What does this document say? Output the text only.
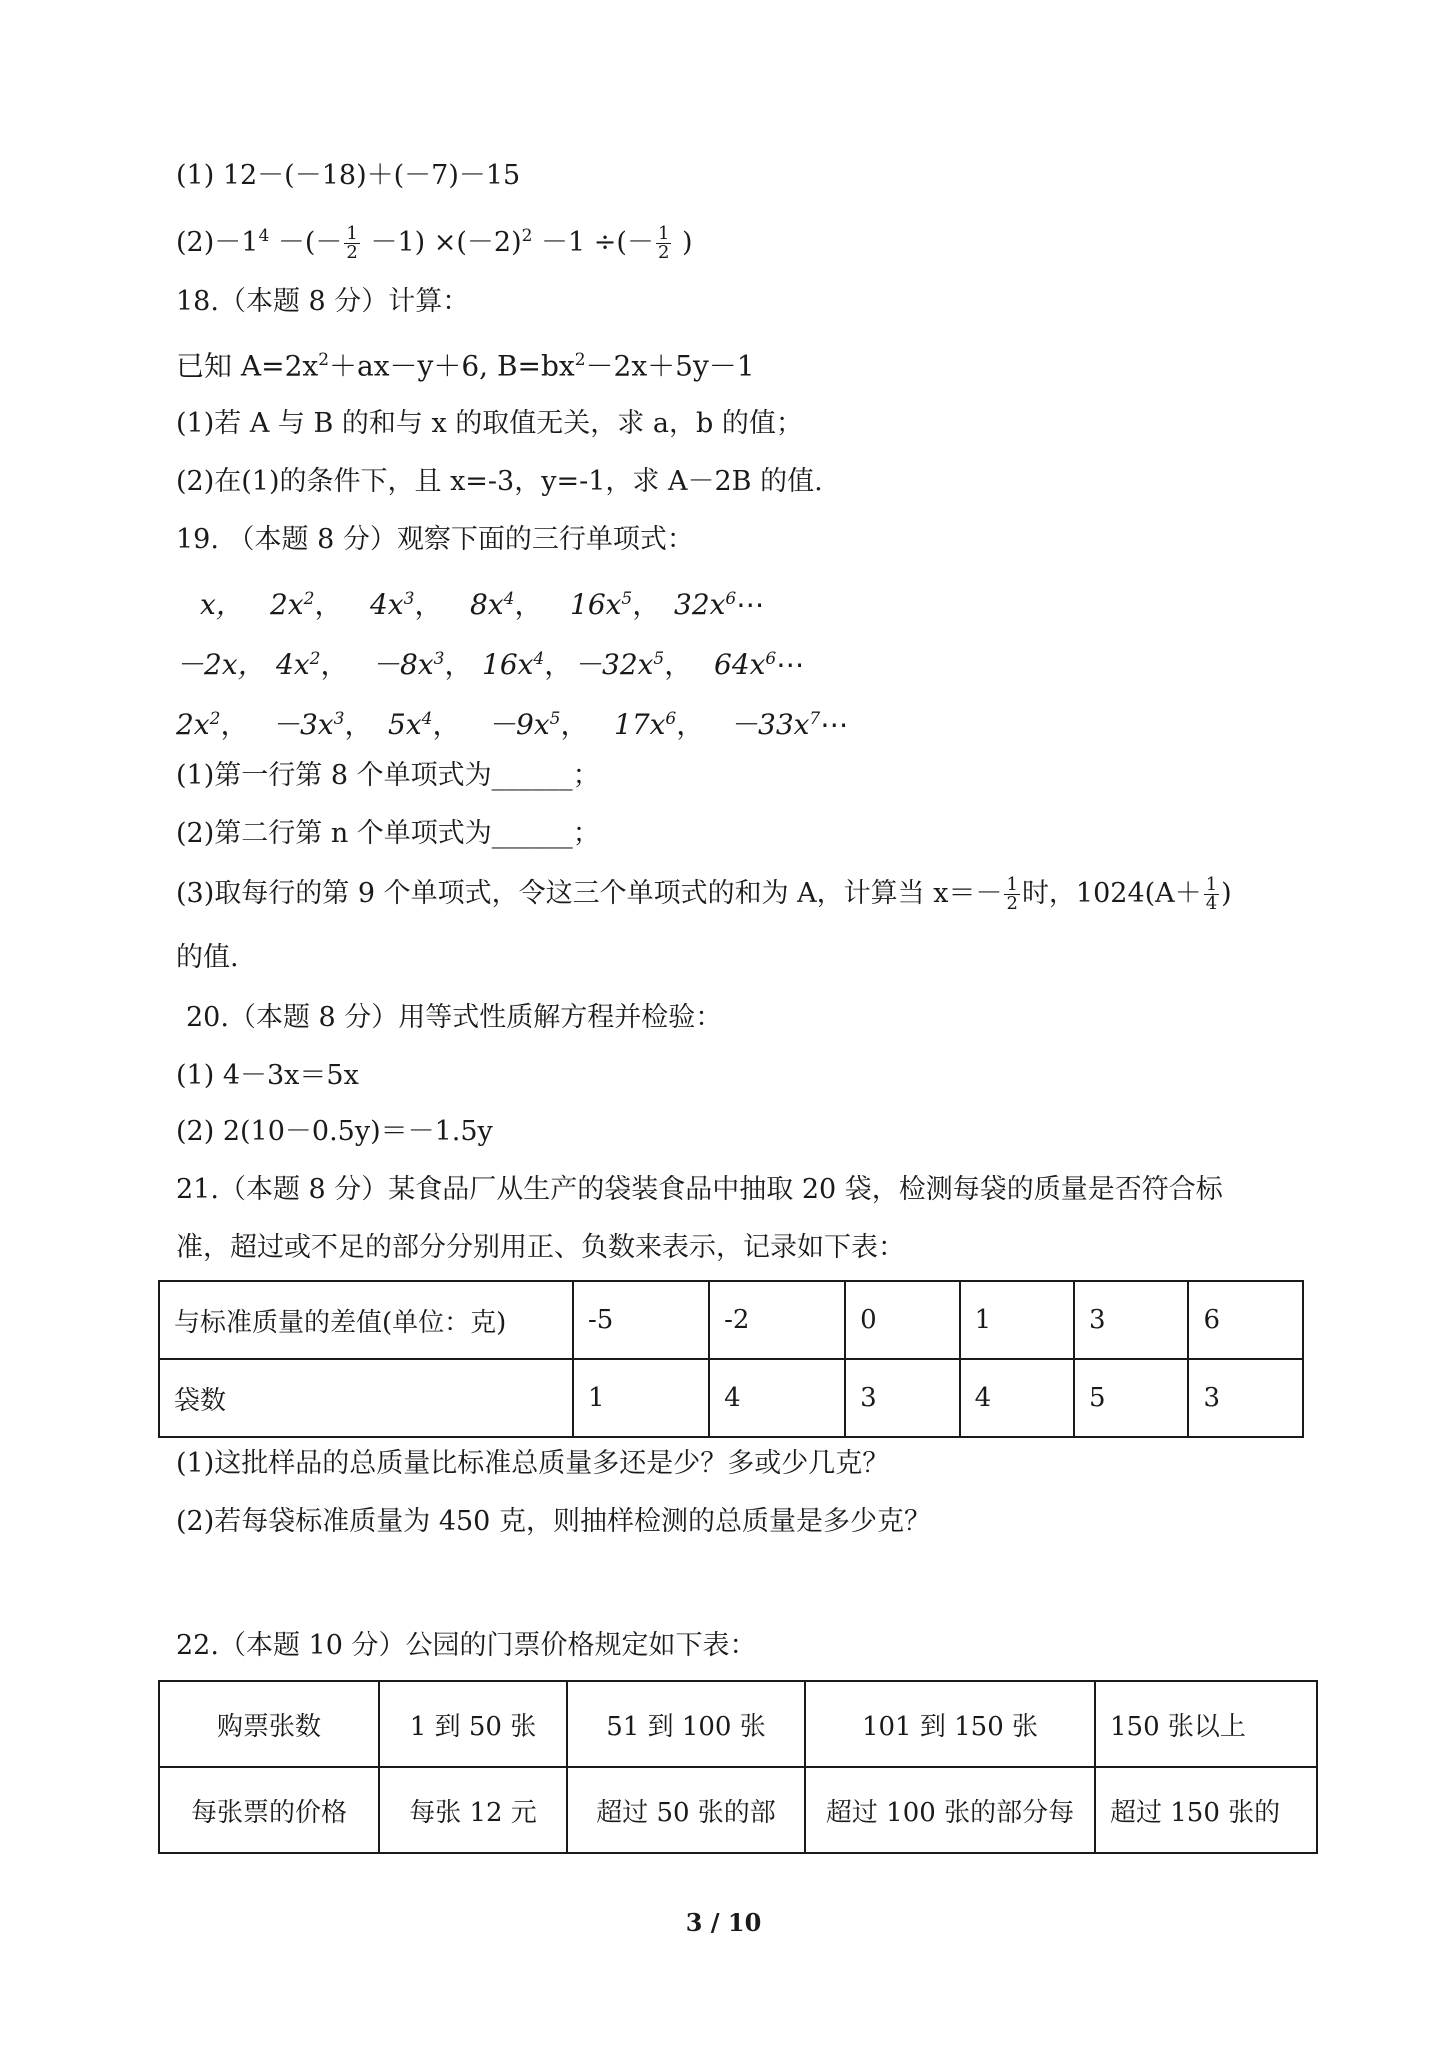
(1) 12－(－18)＋(－7)－15
$(2)-1^4$ －(－ $\frac{1}{2} -1) \times(-2)^2 -1$ ÷(－ $\frac{1}{2}$ )
18.（本题 8 分）计算：
已知 $A=2x^2+ax-y+6$, $B=bx^2-2x+5y-1$
(1)若 A 与 B 的和与 x 的取值无关，求 a，b 的值；
(2)在(1)的条件下，且 x=-3，y=-1，求 A－2B 的值.
19. （本题 8 分）观察下面的三行单项式：
x， $2x^2$， $4x^3$， $8x^4$， $16x^5$， $32x^6\cdots$
－2x， $4x^2$， $-8x^3$， $16x^4$， $-32x^5$， $64x^6\cdots$
$2x^2$， $-3x^3$， $5x^4$， $-9x^5$， $17x^6$， $-33x^7\cdots$
(1)第一行第 8 个单项式为______；
(2)第二行第 n 个单项式为______；
(3)取每行的第 9 个单项式，令这三个单项式的和为 A，计算当 $x=- \frac{1}{2}$ 时，$1024(A+ \frac{1}{4}$ )
的值.
20.（本题 8 分）用等式性质解方程并检验：
(1) 4－3x＝5x
(2) 2(10－0.5y)＝－1.5y
21.（本题 8 分）某食品厂从生产的袋装食品中抽取 20 袋，检测每袋的质量是否符合标
准，超过或不足的部分分别用正、负数来表示，记录如下表：
与标准质量的差值(单位：克)	-5	-2	0	1	3	6
袋数	1	4	3	4	5	3
(1)这批样品的总质量比标准总质量多还是少？多或少几克？
(2)若每袋标准质量为 450 克，则抽样检测的总质量是多少克？
22.（本题 10 分）公园的门票价格规定如下表：
购票张数	1 到 50 张	51 到 100 张	101 到 150 张	150 张以上
每张票的价格	每张 12 元	超过 50 张的部	超过 100 张的部分每	超过 150 张的
3 / 10
